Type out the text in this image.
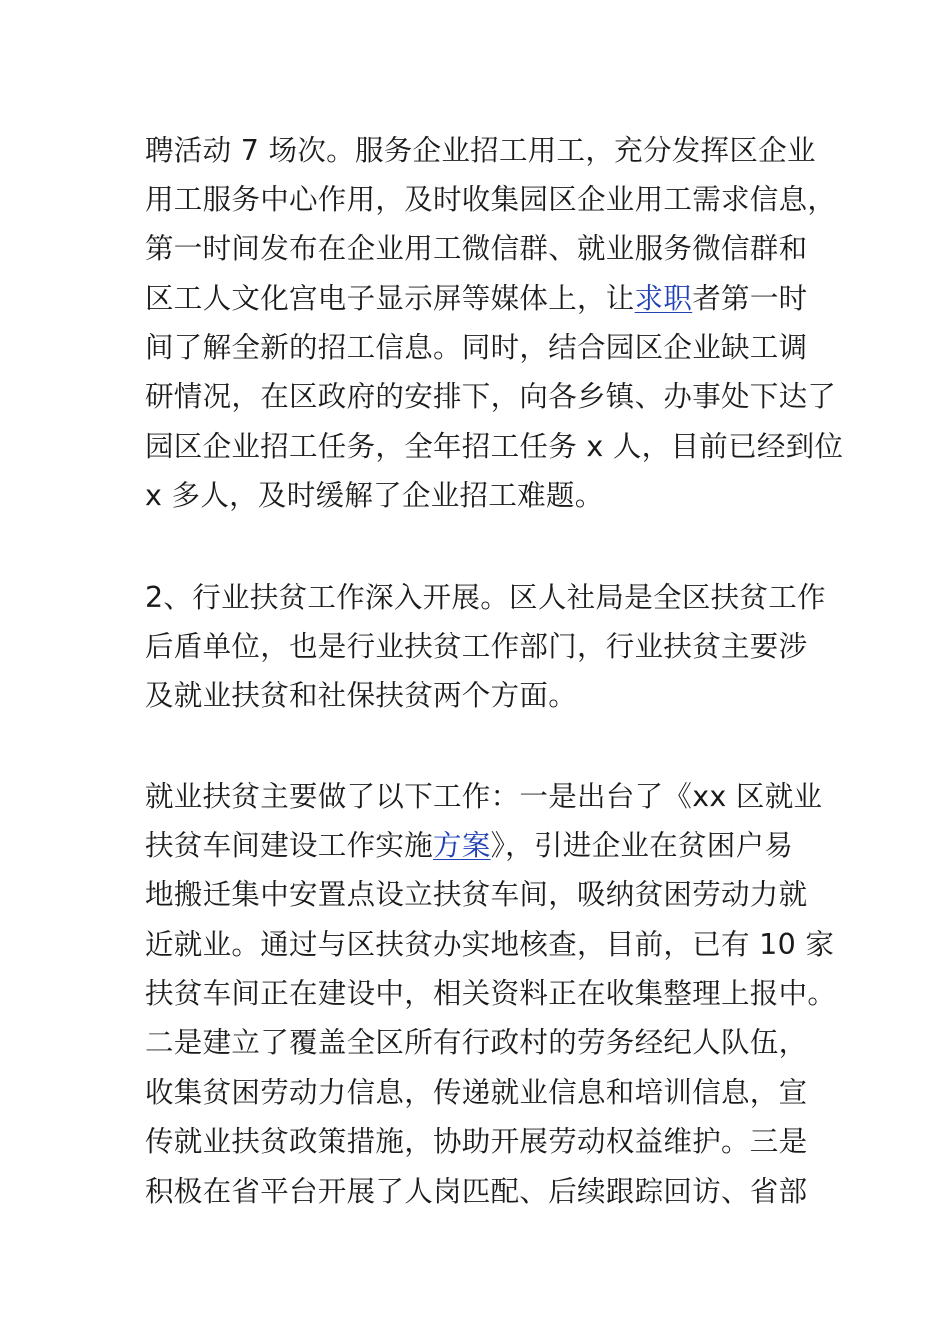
聘活动 7 场次。服务企业招工用工，充分发挥区企业
用工服务中心作用，及时收集园区企业用工需求信息，
第一时间发布在企业用工微信群、就业服务微信群和
区工人文化宫电子显示屏等媒体上，让求职者第一时
间了解全新的招工信息。同时，结合园区企业缺工调
研情况，在区政府的安排下，向各乡镇、办事处下达了
园区企业招工任务，全年招工任务 x 人，目前已经到位
x 多人，及时缓解了企业招工难题。
2、行业扶贫工作深入开展。区人社局是全区扶贫工作
后盾单位，也是行业扶贫工作部门，行业扶贫主要涉
及就业扶贫和社保扶贫两个方面。
就业扶贫主要做了以下工作：一是出台了《xx 区就业
扶贫车间建设工作实施方案》，引进企业在贫困户易
地搬迁集中安置点设立扶贫车间，吸纳贫困劳动力就
近就业。通过与区扶贫办实地核查，目前，已有 10 家
扶贫车间正在建设中，相关资料正在收集整理上报中。
二是建立了覆盖全区所有行政村的劳务经纪人队伍，
收集贫困劳动力信息，传递就业信息和培训信息，宣
传就业扶贫政策措施，协助开展劳动权益维护。三是
积极在省平台开展了人岗匹配、后续跟踪回访、省部
